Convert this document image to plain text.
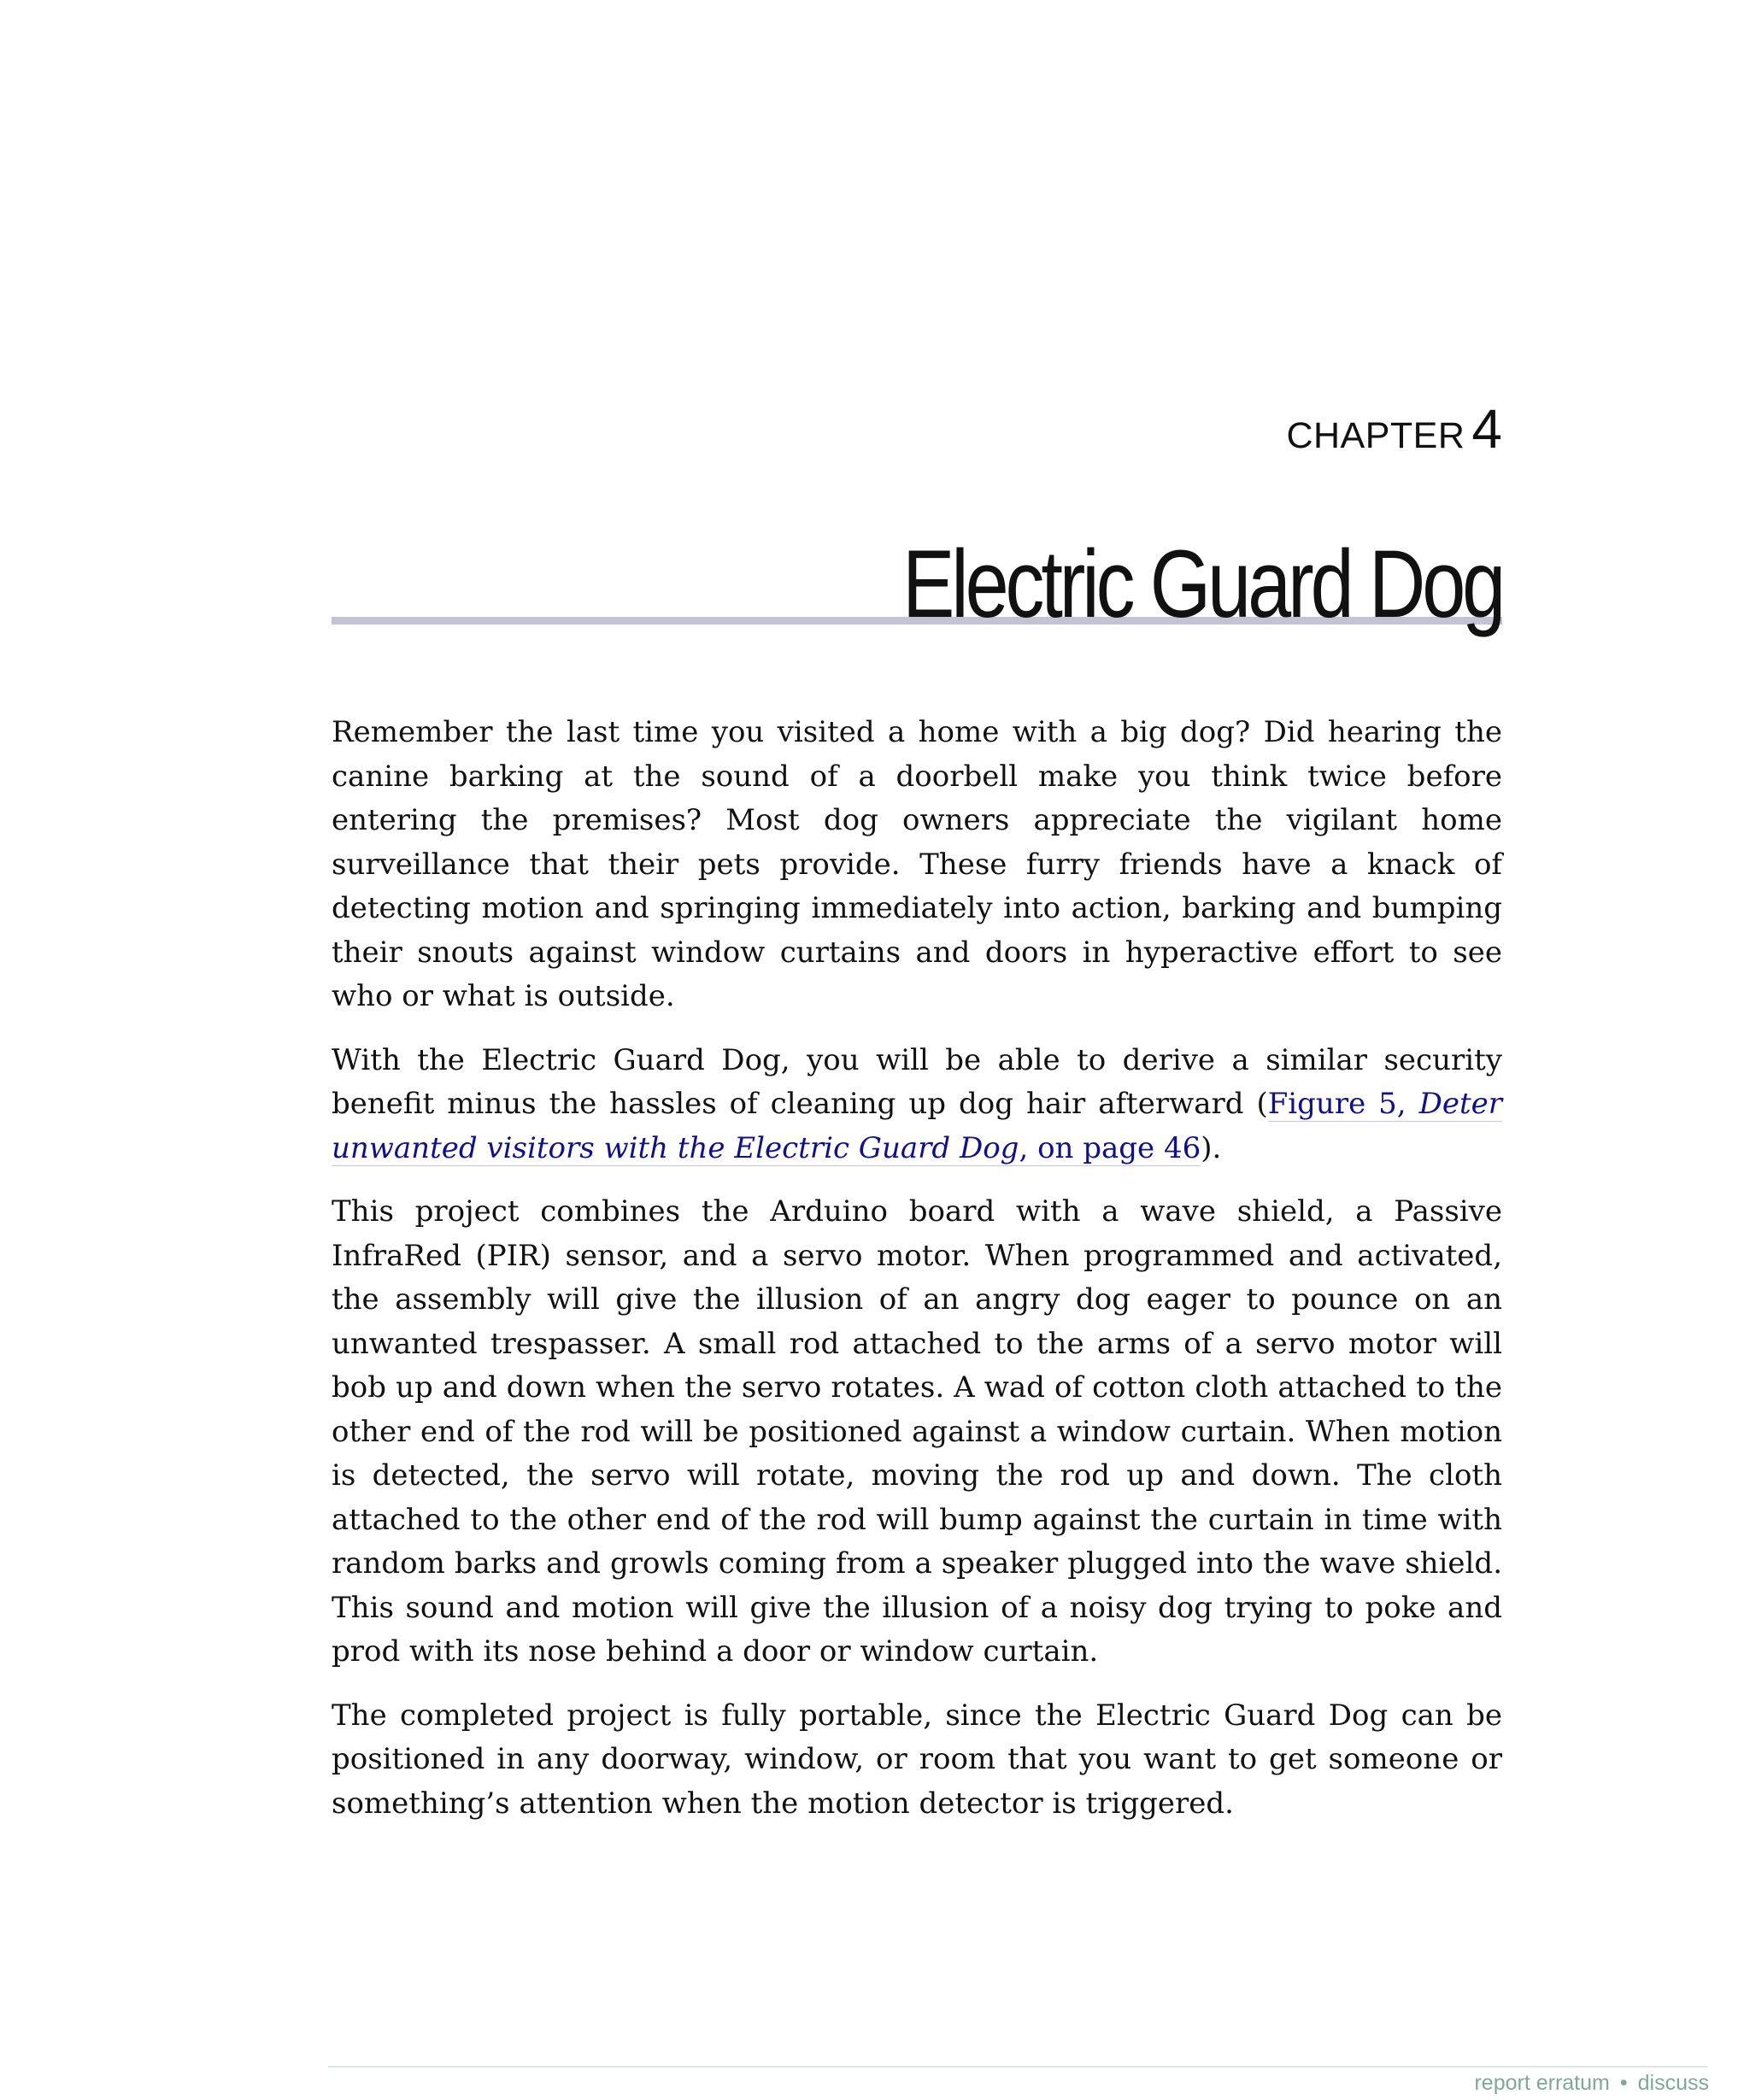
CHAPTER 4
Electric Guard Dog

Remember the last time you visited a home with a big dog? Did hearing the canine barking at the sound of a doorbell make you think twice before entering the premises? Most dog owners appreciate the vigilant home surveillance that their pets provide. These furry friends have a knack of detecting motion and springing immediately into action, barking and bumping their snouts against window curtains and doors in hyperactive effort to see who or what is outside.

With the Electric Guard Dog, you will be able to derive a similar security benefit minus the hassles of cleaning up dog hair afterward (Figure 5, Deter unwanted visitors with the Electric Guard Dog, on page 46).

This project combines the Arduino board with a wave shield, a Passive InfraRed (PIR) sensor, and a servo motor. When programmed and activated, the assembly will give the illusion of an angry dog eager to pounce on an unwanted trespasser. A small rod attached to the arms of a servo motor will bob up and down when the servo rotates. A wad of cotton cloth attached to the other end of the rod will be positioned against a window curtain. When motion is detected, the servo will rotate, moving the rod up and down. The cloth attached to the other end of the rod will bump against the curtain in time with random barks and growls coming from a speaker plugged into the wave shield. This sound and motion will give the illusion of a noisy dog trying to poke and prod with its nose behind a door or window curtain.

The completed project is fully portable, since the Electric Guard Dog can be positioned in any doorway, window, or room that you want to get someone or something’s attention when the motion detector is triggered.

report erratum • discuss
